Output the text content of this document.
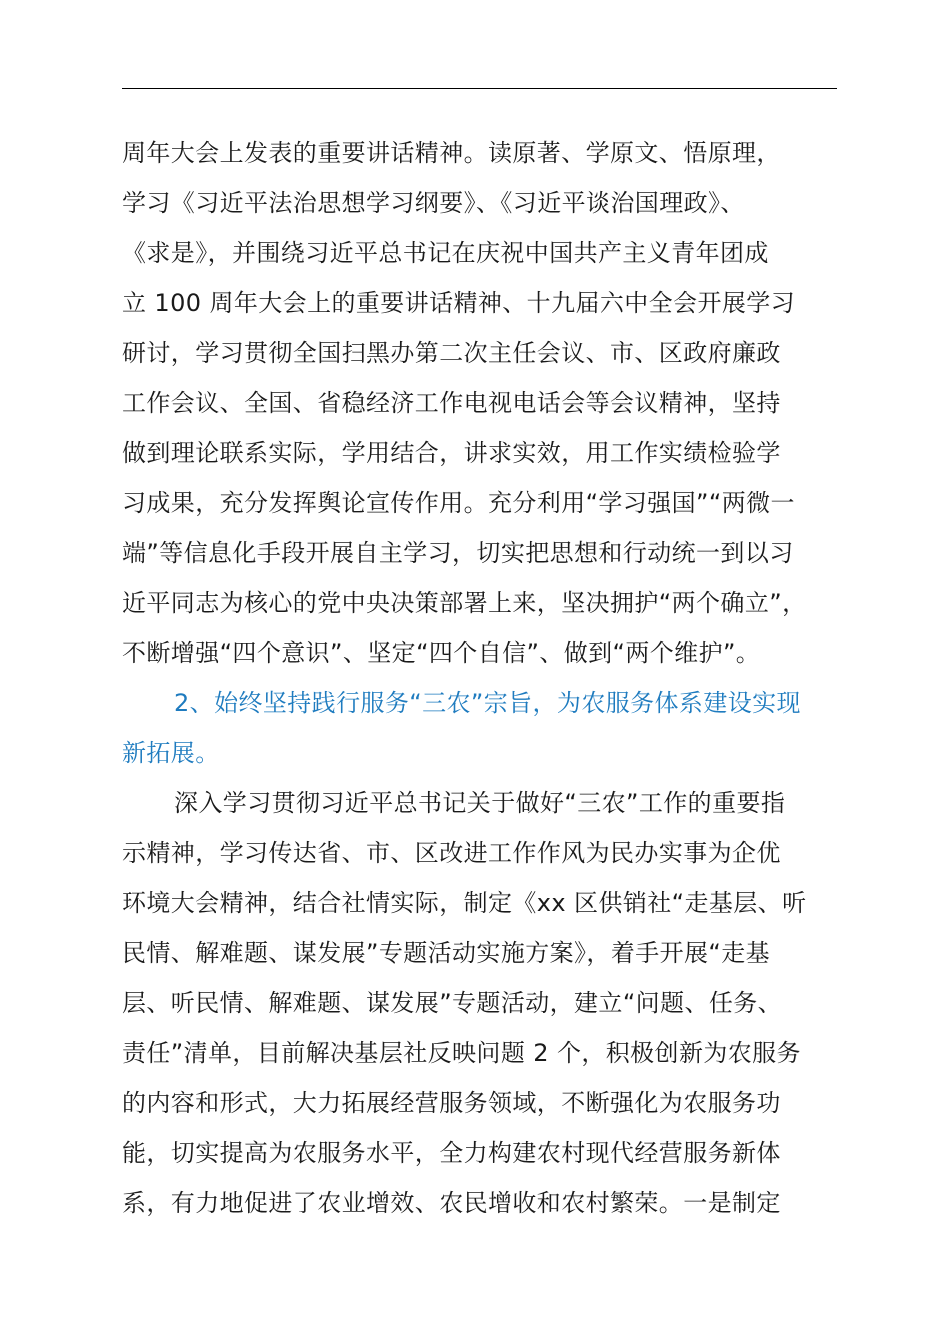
周年大会上发表的重要讲话精神。读原著、学原文、悟原理，
学习《习近平法治思想学习纲要》、《习近平谈治国理政》、
《求是》，并围绕习近平总书记在庆祝中国共产主义青年团成
立 100 周年大会上的重要讲话精神、十九届六中全会开展学习
研讨，学习贯彻全国扫黑办第二次主任会议、市、区政府廉政
工作会议、全国、省稳经济工作电视电话会等会议精神，坚持
做到理论联系实际，学用结合，讲求实效，用工作实绩检验学
习成果，充分发挥舆论宣传作用。充分利用“学习强国”“两微一
端”等信息化手段开展自主学习，切实把思想和行动统一到以习
近平同志为核心的党中央决策部署上来，坚决拥护“两个确立”，
不断增强“四个意识”、坚定“四个自信”、做到“两个维护”。
2、始终坚持践行服务“三农”宗旨，为农服务体系建设实现
新拓展。
深入学习贯彻习近平总书记关于做好“三农”工作的重要指
示精神，学习传达省、市、区改进工作作风为民办实事为企优
环境大会精神，结合社情实际，制定《xx 区供销社“走基层、听
民情、解难题、谋发展”专题活动实施方案》，着手开展“走基
层、听民情、解难题、谋发展”专题活动，建立“问题、任务、
责任”清单，目前解决基层社反映问题 2 个，积极创新为农服务
的内容和形式，大力拓展经营服务领域，不断强化为农服务功
能，切实提高为农服务水平，全力构建农村现代经营服务新体
系，有力地促进了农业增效、农民增收和农村繁荣。一是制定
